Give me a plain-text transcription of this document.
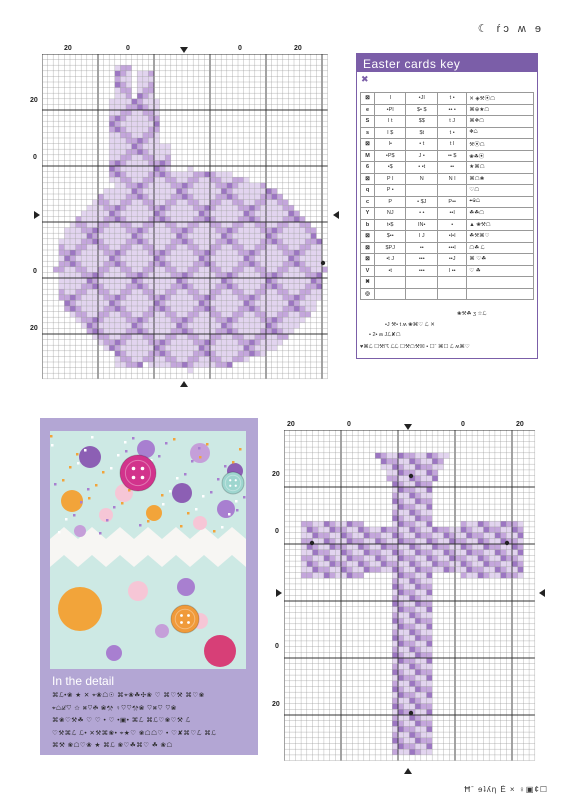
☾ ŕɔ ʍ ɘ
20	0	0	20
20
0
0
20
Easter cards key
✖
⊠	I	•JI	t •	✕ ◈⚒⦿☖
e	•PI	$• $	•• •	⌘⊕★☖
S	I t	$$	t J	⌘⛖☖
s	I $	$t	t •	⛖☖
⊠	I•	• t	t I	⚒⦿☖
M	•P$	J •	•• $	❀☘⦿
6	•$	• •t	••	★⌘☖
⊠	P I	N	N I	⌘☖❀
q	P •			♡☖
c	P	• $J	P••	⌖⦿☖
Y	NJ	• •	••I	☘☘☖
b	t•$	IN•	•	▲ ❀⚒☖
⊠	$••	I J	•I•I	☘⚒⌘♡
⊠	$PJ	••	•••I	☖☘ ℒ
⊠	•t J	•••	••J	⌘ ♡☘
V	•t	•••	I ••	♡ ☘
✖				
◎				
❀⚒☘ ʒ ☆ℒ
•J ⚒• t ʍ ❀⌘♡ ℒ ✕
• 2• ʍ Jℒ✘☖
♥⌘ℒ ☐⚒☈ ℒℒ ☐⚒☖⚒☒ • ☐ˉ ⌘☐ ℒ ʍ⌘♡
In the detail
⌘ℒ•❀ ★ ✕ ⌖❀☖☉ ⌘⌖❀☘✣❀ ♡ ⌘♡⚒ ⌘♡❀
⌖☖ℒ♡ ☆ ⌘♡☘ ❀⚒ ♀♡♡⚒❀ ♡⌘♡ ♡❀
⌘❀♡⚒☘ ♡ ♡ • ♡ •▣• ⌘ℒ ⌘ℒ♡❀♡⚒ ℒ
♡⚒⌘ℒ ℒ• ✕⚒⌘❀• ⌖★♡ ❀☖☖♡ • ♡✘⌘♡ℒ ⌘ℒ
⌘⚒ ❀☖♡❀ ★ ⌘ℒ ❀♡☘⌘♡ ☘ ❀☖
20	0	0	20
20
0
0
20
Ħˉ ɘʇʎη Ė × ♀▣¢☐
